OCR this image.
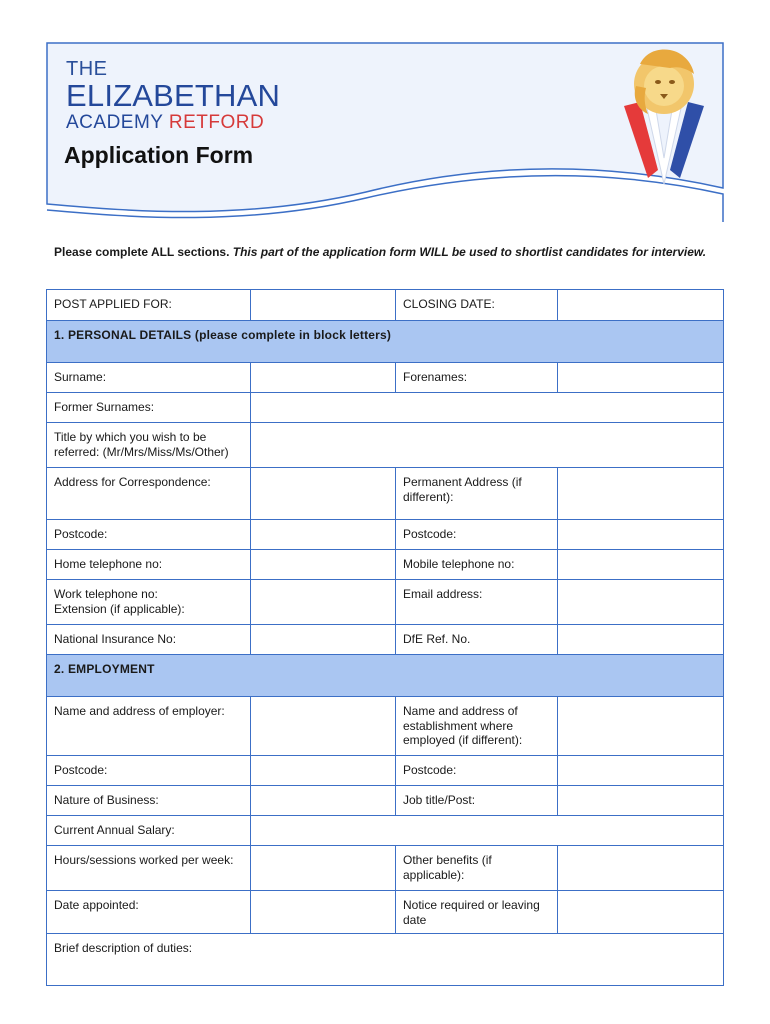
THE
ELIZABETHAN
ACADEMY RETFORD
Application Form
Please complete ALL sections. This part of the application form WILL be used to shortlist candidates for interview.
POST APPLIED FOR:		CLOSING DATE:	
1. PERSONAL DETAILS (please complete in block letters)			
Surname:		Forenames:	
Former Surnames:			
Title by which you wish to be
referred: (Mr/Mrs/Miss/Ms/Other)			
Address for Correspondence:		Permanent Address (if
different):	
Postcode:		Postcode:	
Home telephone no:		Mobile telephone no:	
Work telephone no:
Extension (if applicable):		Email address:	
National Insurance No:		DfE Ref. No.	
2. EMPLOYMENT			
Name and address of employer:		Name and address of
establishment where
employed (if different):	
Postcode:		Postcode:	
Nature of Business:		Job title/Post:	
Current Annual Salary:			
Hours/sessions worked per week:		Other benefits (if
applicable):	
Date appointed:		Notice required or leaving date	
Brief description of duties:			
